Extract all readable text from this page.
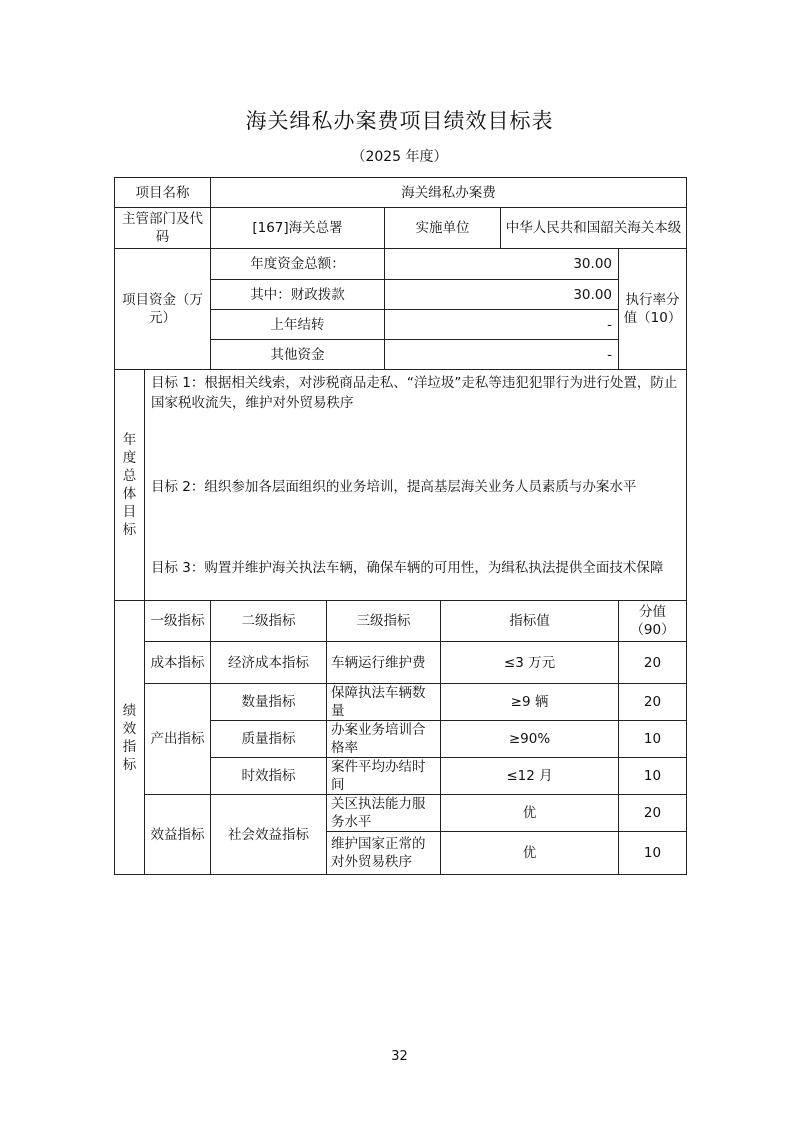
海关缉私办案费项目绩效目标表
（2025 年度）
项目名称		海关缉私办案费					
主管部门及代码		[167]海关总署		实施单位		中华人民共和国韶关海关本级	
项目资金（万元）		年度资金总额：		30.00			执行率分值（10）
		其中：财政拨款		30.00			
		上年结转		-			
		其他资金		-			

年度总体目标	目标 1：根据相关线索，对涉税商品走私、“洋垃圾”走私等违犯犯罪行为进行处置，防止国家税收流失，维护对外贸易秩序
目标 2：组织参加各层面组织的业务培训，提高基层海关业务人员素质与办案水平
目标 3：购置并维护海关执法车辆，确保车辆的可用性，为缉私执法提供全面技术保障						

绩效指标	一级指标	二级指标	三级指标		指标值		分值（90）
	成本指标	经济成本指标	车辆运行维护费		≤3 万元		20
	产出指标	数量指标	保障执法车辆数量		≥9 辆		20
		质量指标	办案业务培训合格率		≥90%		10
		时效指标	案件平均办结时间		≤12 月		10
	效益指标	社会效益指标	关区执法能力服务水平		优		20
			维护国家正常的对外贸易秩序		优		10
32
